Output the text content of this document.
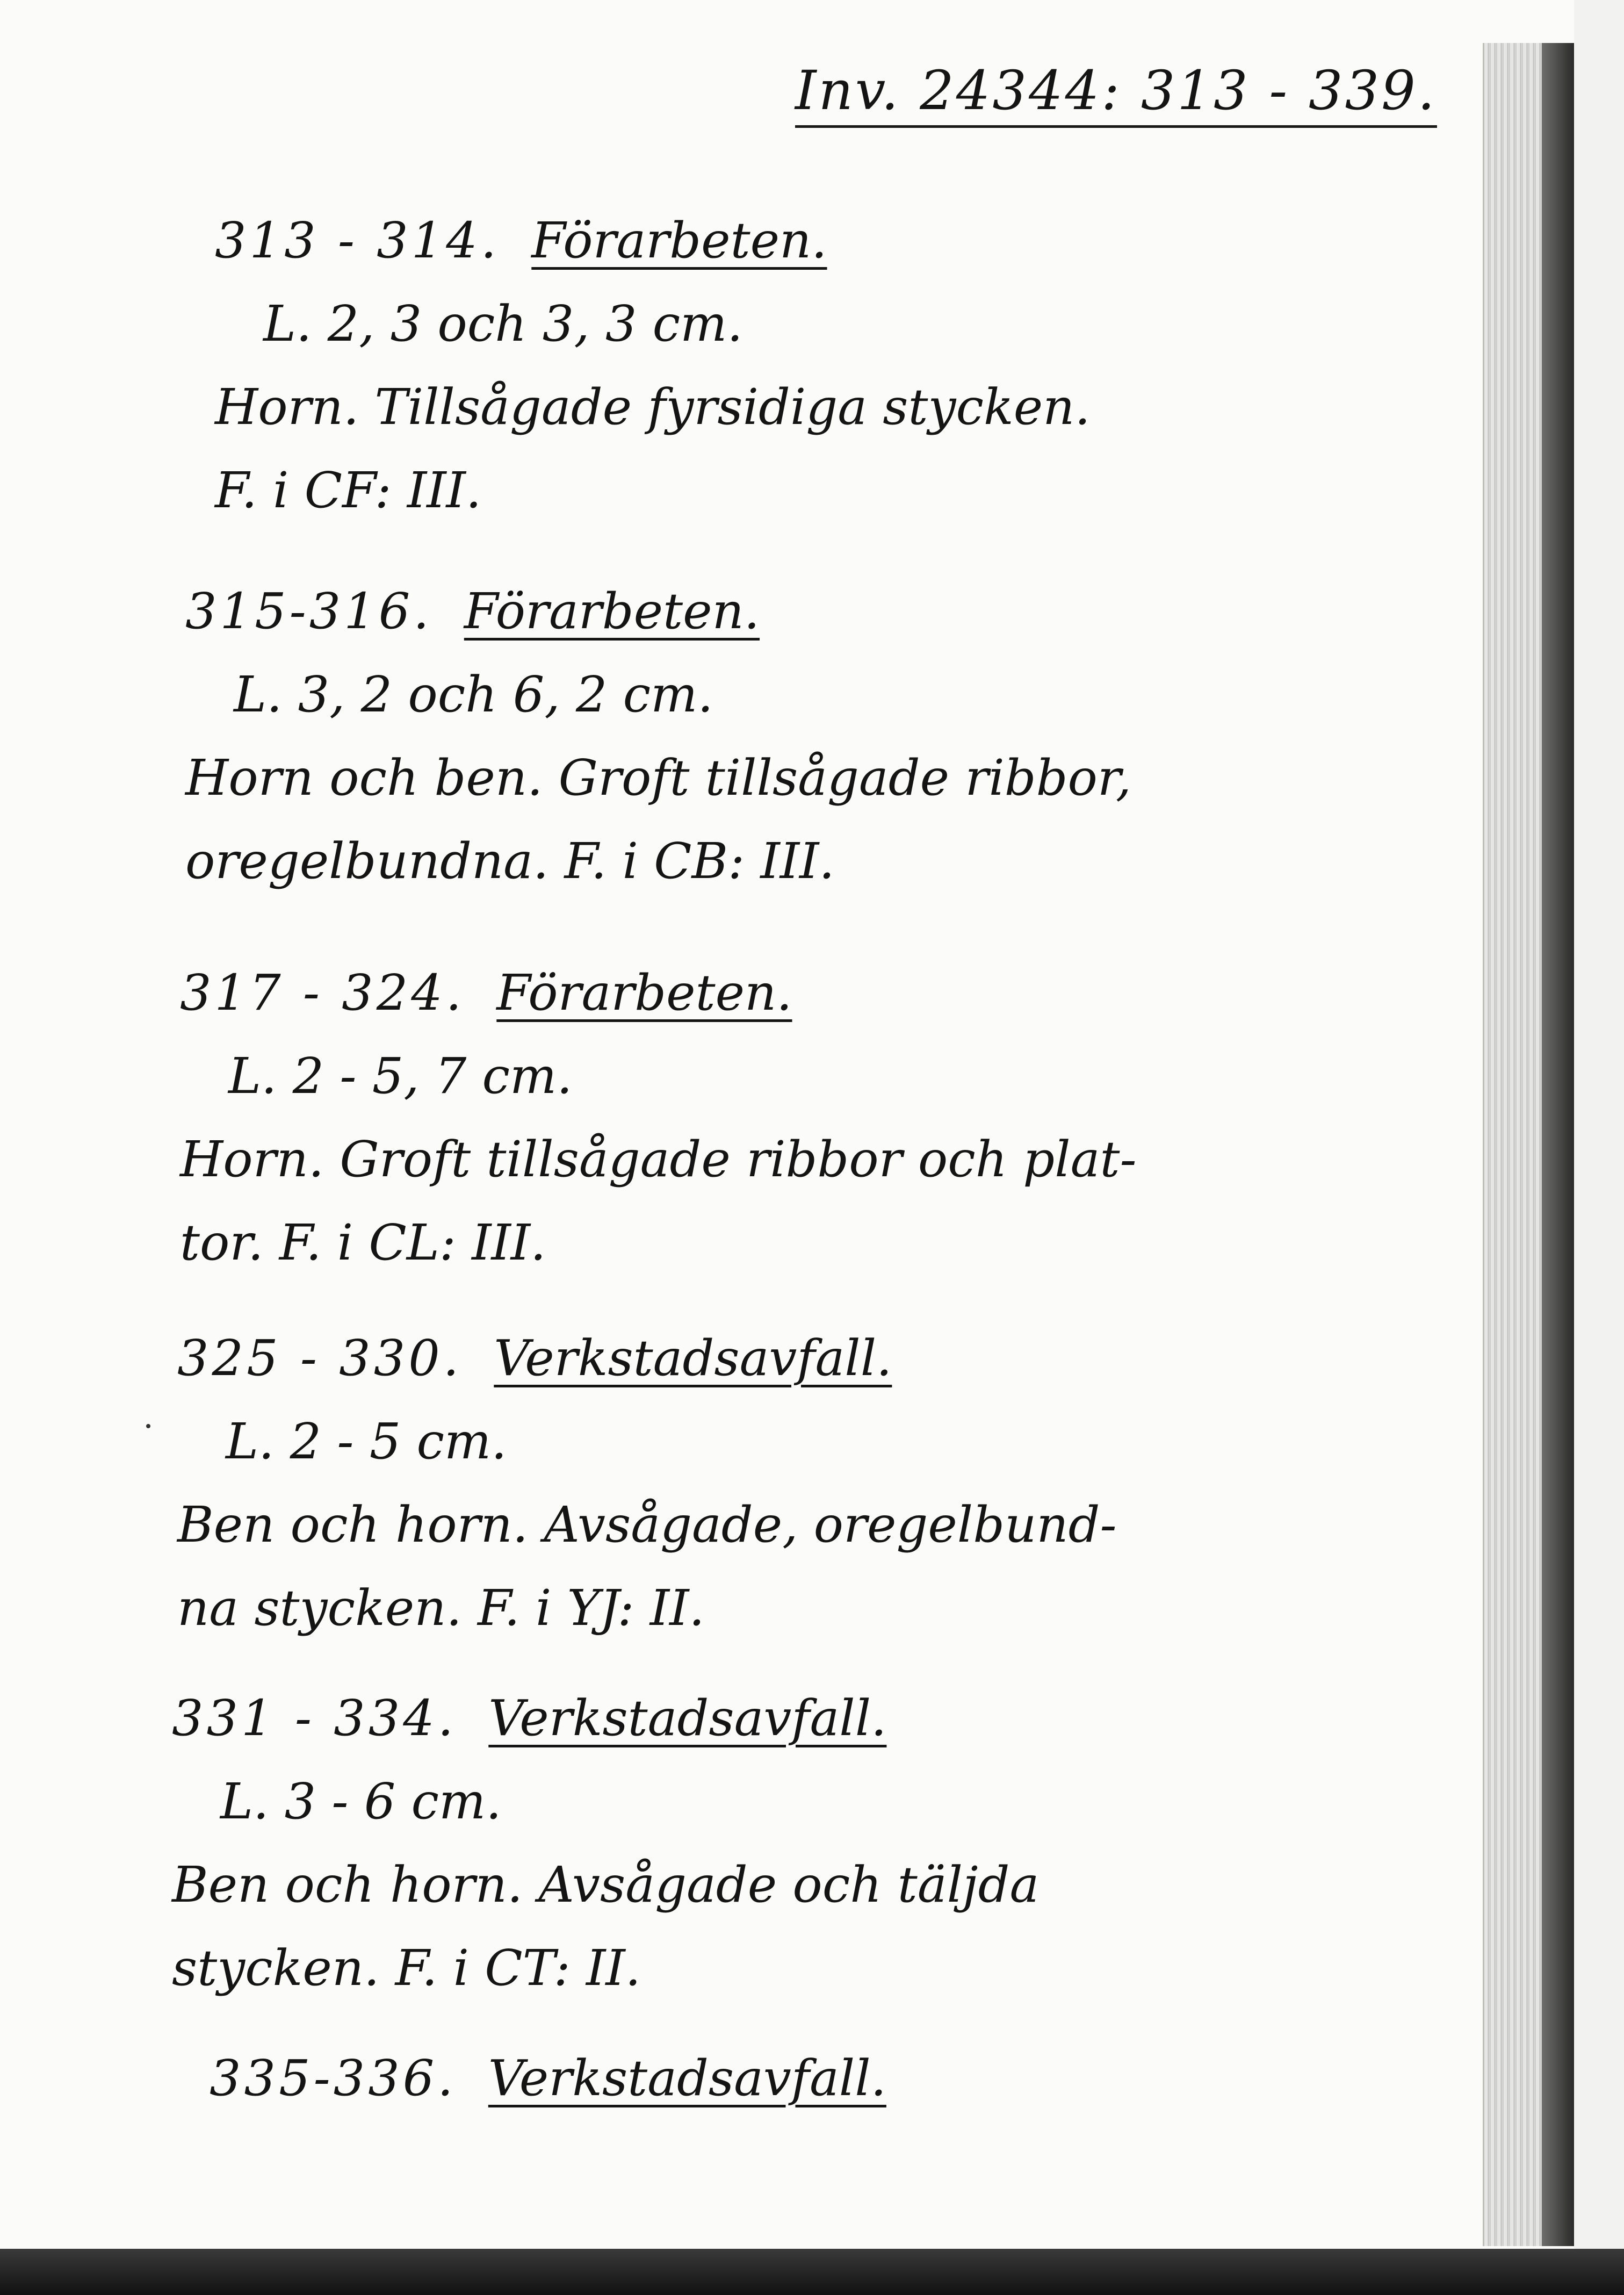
Inv. 24344: 313 - 339.
313 - 314. Förarbeten.
L. 2, 3 och 3, 3 cm.
Horn. Tillsågade fyrsidiga stycken.
F. i CF: III.
315-316. Förarbeten.
L. 3, 2 och 6, 2 cm.
Horn och ben. Groft tillsågade ribbor,
oregelbundna. F. i CB: III.
317 - 324. Förarbeten.
L. 2 - 5, 7 cm.
Horn. Groft tillsågade ribbor och plat-
tor. F. i CL: III.
325 - 330. Verkstadsavfall.
L. 2 - 5 cm.
Ben och horn. Avsågade, oregelbund-
na stycken. F. i YJ: II.
331 - 334. Verkstadsavfall.
L. 3 - 6 cm.
Ben och horn. Avsågade och täljda
stycken. F. i CT: II.
335-336. Verkstadsavfall.
